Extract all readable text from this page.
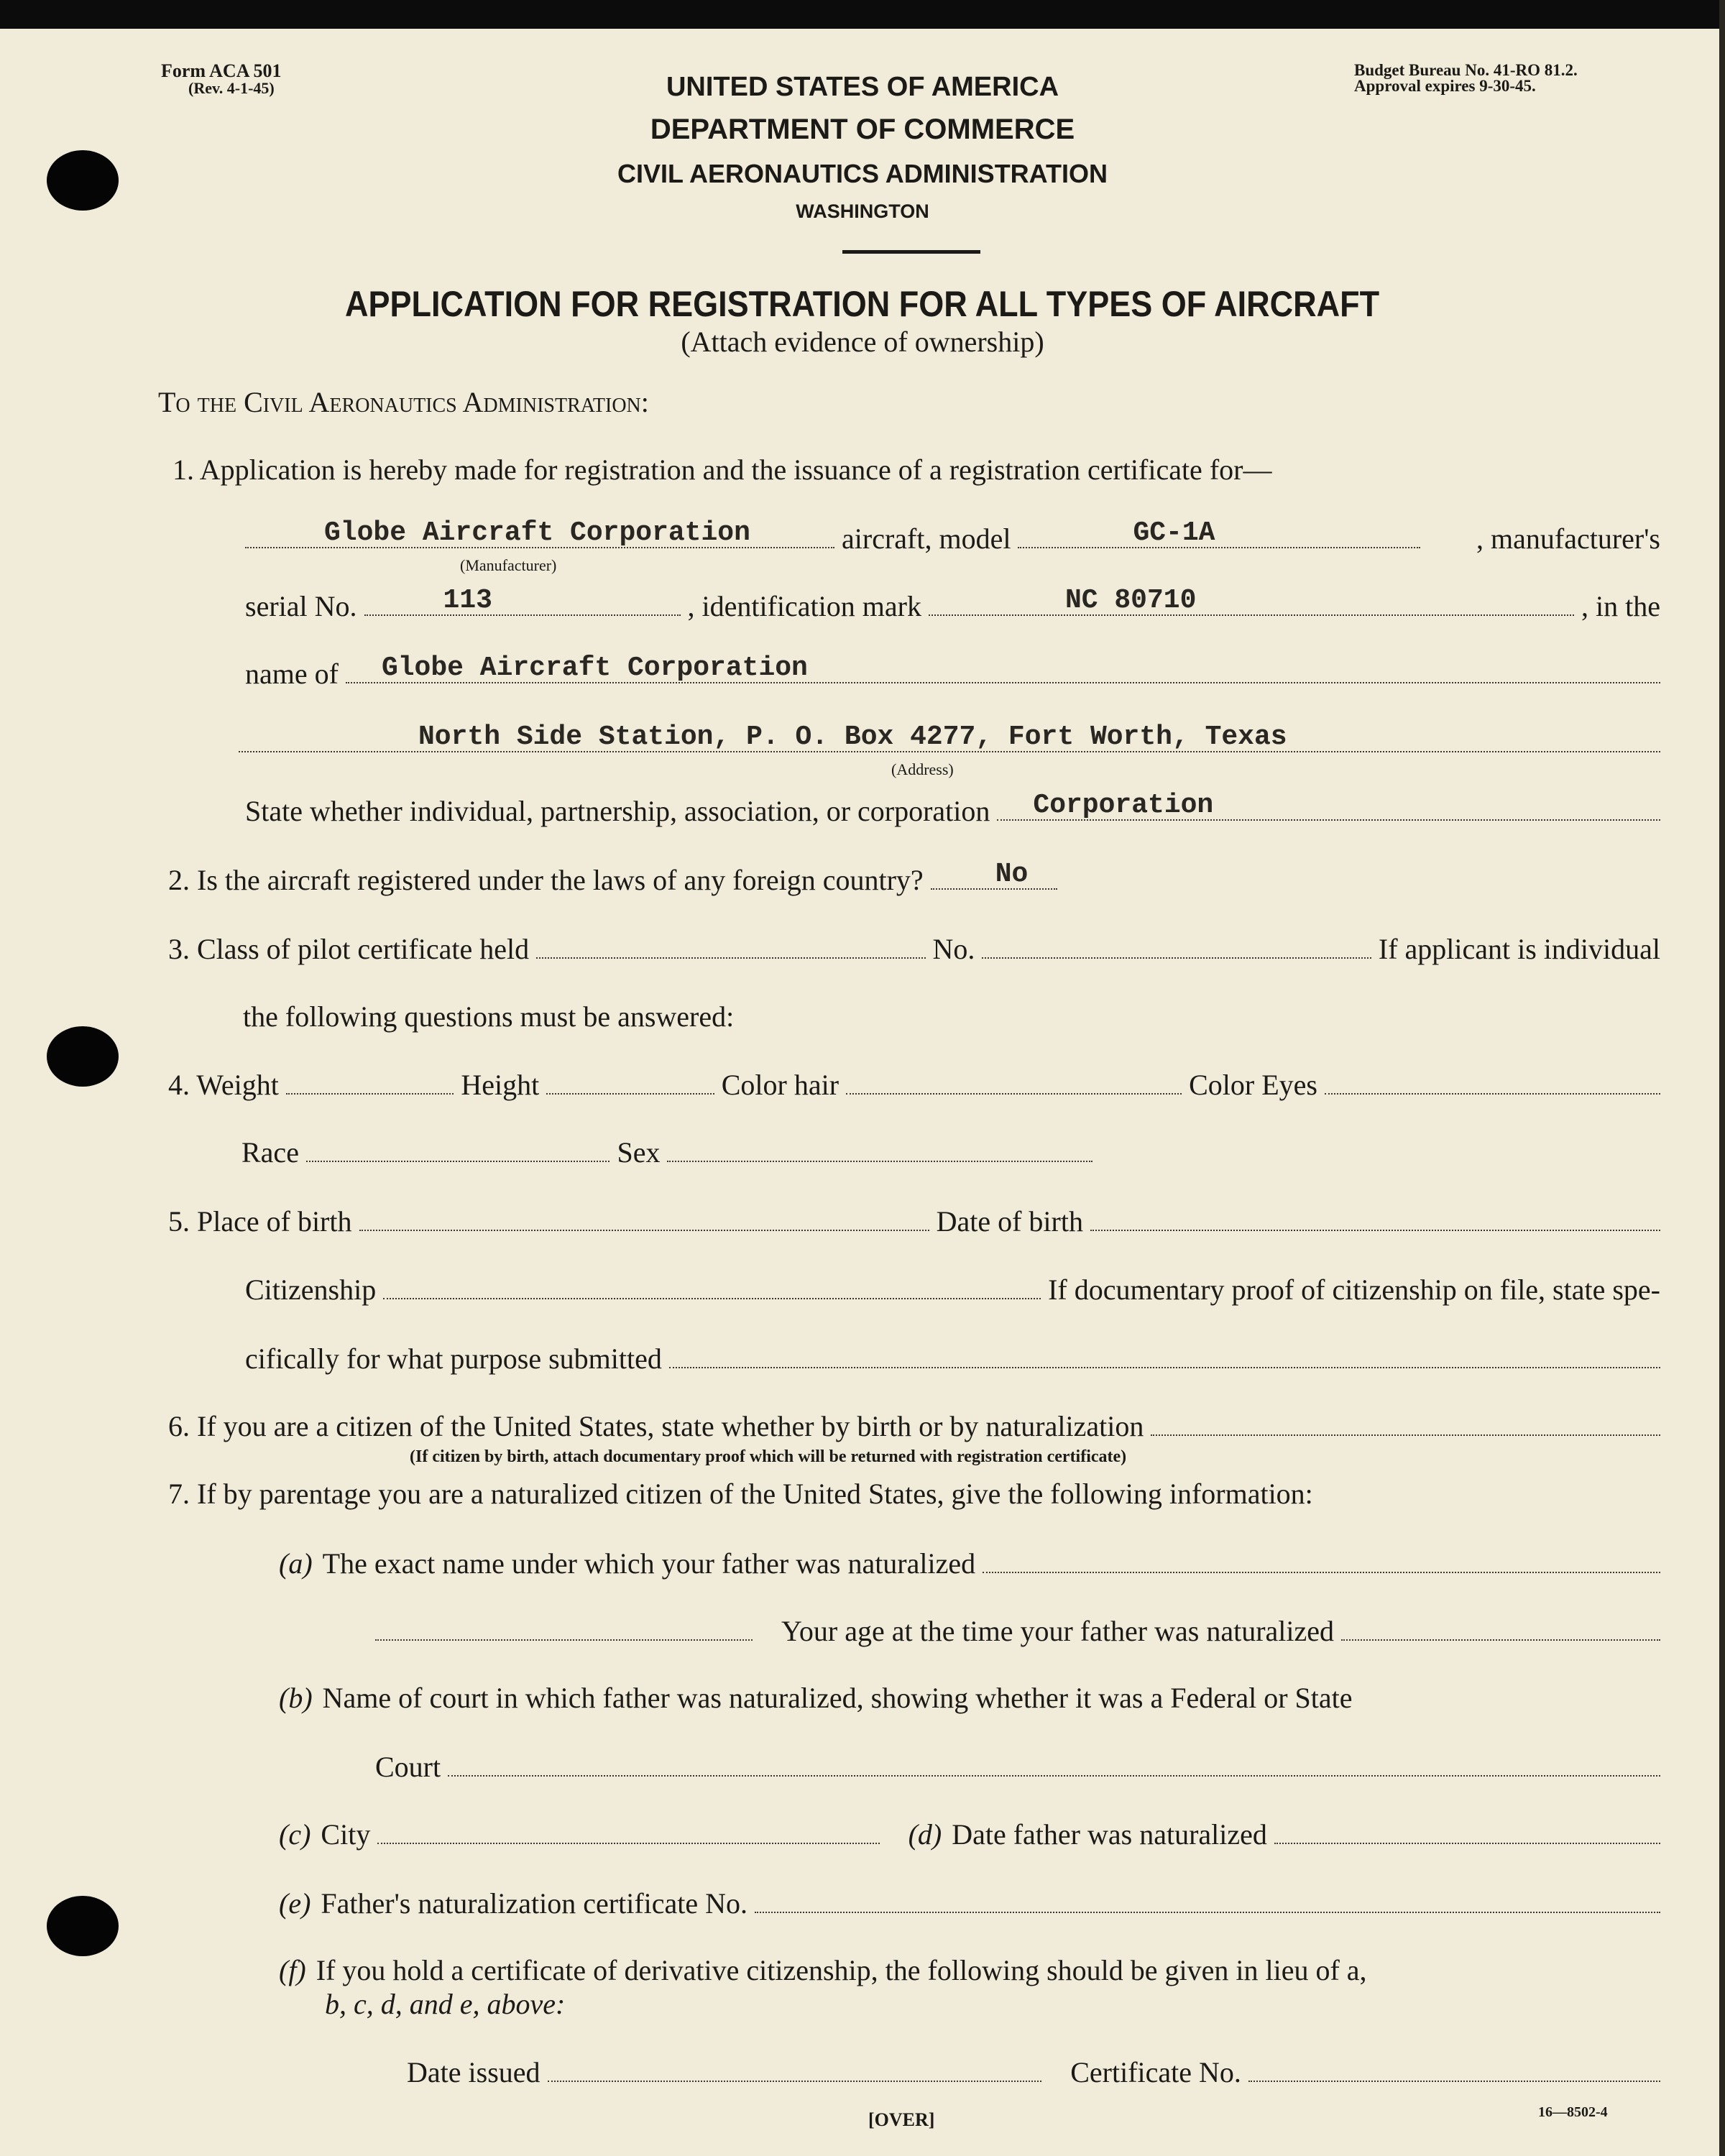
Form ACA 501
(Rev. 4-1-45)
Budget Bureau No. 41-RO 81.2.
Approval expires 9-30-45.
UNITED STATES OF AMERICA
DEPARTMENT OF COMMERCE
CIVIL AERONAUTICS ADMINISTRATION
WASHINGTON
APPLICATION FOR REGISTRATION FOR ALL TYPES OF AIRCRAFT
(Attach evidence of ownership)
To the Civil Aeronautics Administration:
1. Application is hereby made for registration and the issuance of a registration certificate for—
Globe Aircraft Corporation	aircraft, model	GC-1A	, manufacturer's
(Manufacturer)
serial No.	113	, identification mark	NC 80710	, in the
name of Globe Aircraft Corporation
North Side Station, P. O. Box 4277, Fort Worth, Texas
(Address)
State whether individual, partnership, association, or corporation Corporation
2. Is the aircraft registered under the laws of any foreign country?	No
3. Class of pilot certificate held	No.	If applicant is individual
the following questions must be answered:
4. Weight	Height	Color hair	Color Eyes
Race	Sex
5. Place of birth	Date of birth
Citizenship	If documentary proof of citizenship on file, state spe-
cifically for what purpose submitted
6. If you are a citizen of the United States, state whether by birth or by naturalization
(If citizen by birth, attach documentary proof which will be returned with registration certificate)
7. If by parentage you are a naturalized citizen of the United States, give the following information:
(a) The exact name under which your father was naturalized
Your age at the time your father was naturalized
(b) Name of court in which father was naturalized, showing whether it was a Federal or State
Court
(c) City	(d) Date father was naturalized
(e) Father's naturalization certificate No.
(f) If you hold a certificate of derivative citizenship, the following should be given in lieu of a,
b, c, d, and e, above:
Date issued	Certificate No.
[OVER]	16—8502-4
